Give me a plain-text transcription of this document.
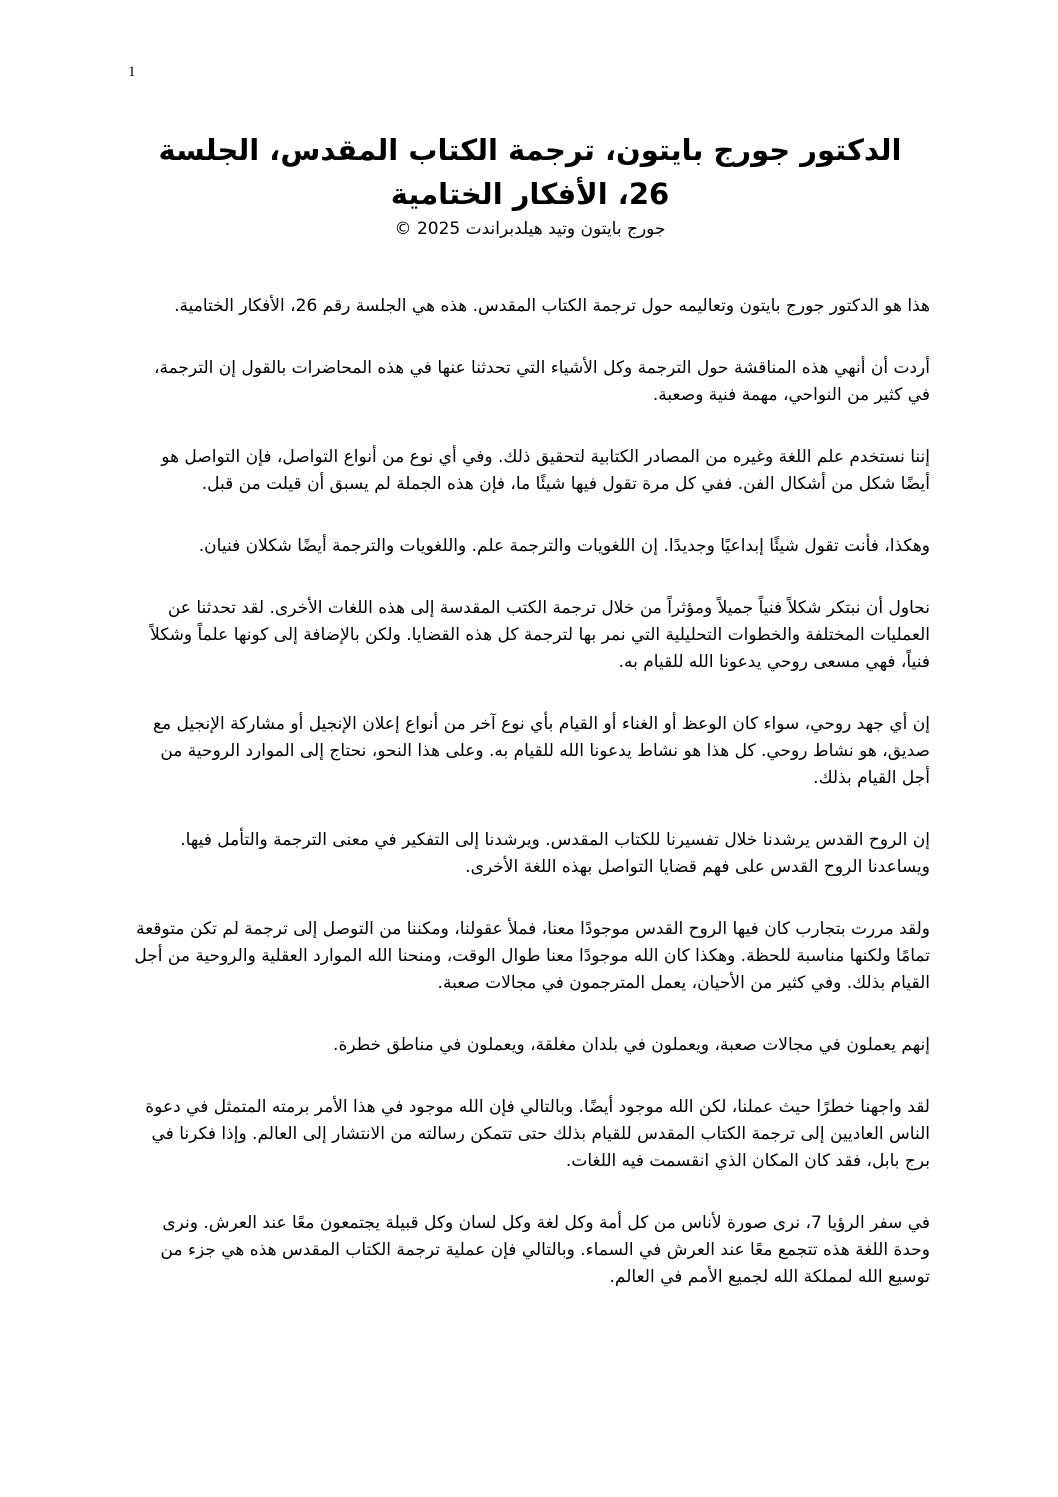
1
الدكتور جورج بايتون، ترجمة الكتاب المقدس، الجلسة 26، الأفكار الختامية

جورج بايتون وتيد هيلدبراندت 2025 ©

هذا هو الدكتور جورج بايتون وتعاليمه حول ترجمة الكتاب المقدس. هذه هي الجلسة رقم 26، الأفكار الختامية.

أردت أن أنهي هذه المناقشة حول الترجمة وكل الأشياء التي تحدثنا عنها في هذه المحاضرات بالقول إن الترجمة، في كثير من النواحي، مهمة فنية وصعبة.

إننا نستخدم علم اللغة وغيره من المصادر الكتابية لتحقيق ذلك. وفي أي نوع من أنواع التواصل، فإن التواصل هو أيضًا شكل من أشكال الفن. ففي كل مرة تقول فيها شيئًا ما، فإن هذه الجملة لم يسبق أن قيلت من قبل.

وهكذا، فأنت تقول شيئًا إبداعيًا وجديدًا. إن اللغويات والترجمة علم. واللغويات والترجمة أيضًا شكلان فنيان.

نحاول أن نبتكر شكلاً فنياً جميلاً ومؤثراً من خلال ترجمة الكتب المقدسة إلى هذه اللغات الأخرى. لقد تحدثنا عن العمليات المختلفة والخطوات التحليلية التي نمر بها لترجمة كل هذه القضايا. ولكن بالإضافة إلى كونها علماً وشكلاً فنياً، فهي مسعى روحي يدعونا الله للقيام به.

إن أي جهد روحي، سواء كان الوعظ أو الغناء أو القيام بأي نوع آخر من أنواع إعلان الإنجيل أو مشاركة الإنجيل مع صديق، هو نشاط روحي. كل هذا هو نشاط يدعونا الله للقيام به. وعلى هذا النحو، نحتاج إلى الموارد الروحية من أجل القيام بذلك.

إن الروح القدس يرشدنا خلال تفسيرنا للكتاب المقدس. ويرشدنا إلى التفكير في معنى الترجمة والتأمل فيها. ويساعدنا الروح القدس على فهم قضايا التواصل بهذه اللغة الأخرى.

ولقد مررت بتجارب كان فيها الروح القدس موجودًا معنا، فملأ عقولنا، ومكننا من التوصل إلى ترجمة لم تكن متوقعة تمامًا ولكنها مناسبة للحظة. وهكذا كان الله موجودًا معنا طوال الوقت، ومنحنا الله الموارد العقلية والروحية من أجل القيام بذلك. وفي كثير من الأحيان، يعمل المترجمون في مجالات صعبة.

إنهم يعملون في مجالات صعبة، ويعملون في بلدان مغلقة، ويعملون في مناطق خطرة.

لقد واجهنا خطرًا حيث عملنا، لكن الله موجود أيضًا. وبالتالي فإن الله موجود في هذا الأمر برمته المتمثل في دعوة الناس العاديين إلى ترجمة الكتاب المقدس للقيام بذلك حتى تتمكن رسالته من الانتشار إلى العالم. وإذا فكرنا في برج بابل، فقد كان المكان الذي انقسمت فيه اللغات.

في سفر الرؤيا 7، نرى صورة لأناس من كل أمة وكل لغة وكل لسان وكل قبيلة يجتمعون معًا عند العرش. ونرى وحدة اللغة هذه تتجمع معًا عند العرش في السماء. وبالتالي فإن عملية ترجمة الكتاب المقدس هذه هي جزء من توسيع الله لمملكة الله لجميع الأمم في العالم.
